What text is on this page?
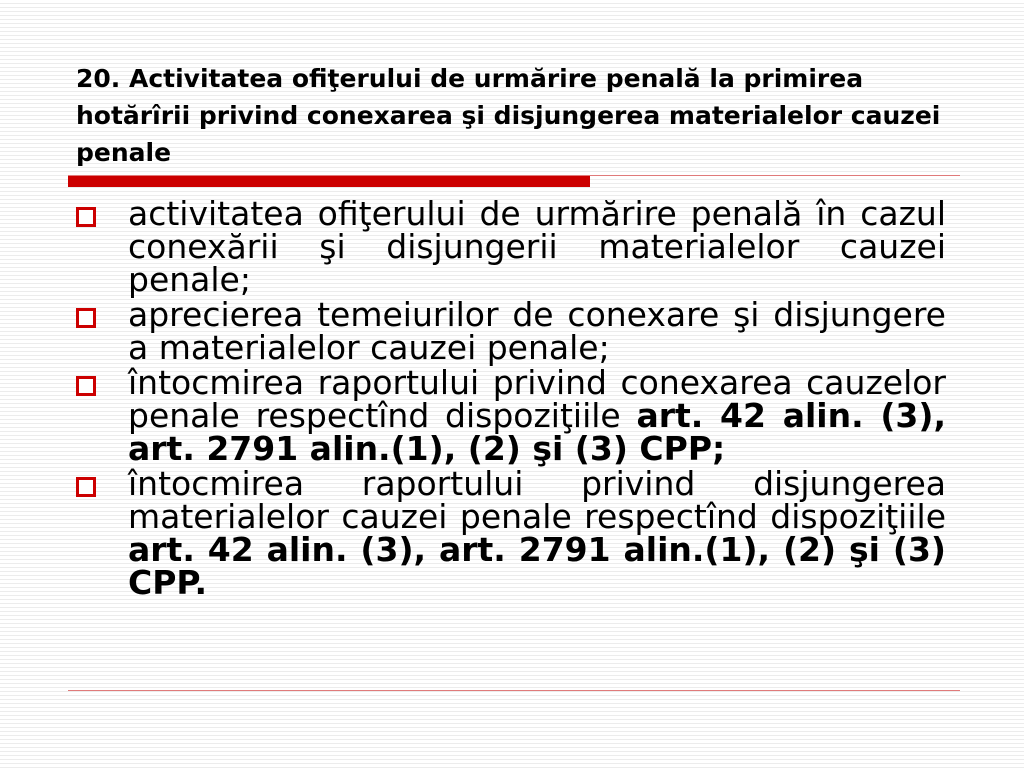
20. Activitatea ofiţerului de urmărire penală la primirea hotărîrii privind conexarea şi disjungerea materialelor cauzei penale
activitatea ofiţerului de urmărire penală în cazul conexării şi disjungerii materialelor cauzei penale;
aprecierea temeiurilor de conexare şi disjungere a materialelor cauzei penale;
întocmirea raportului privind conexarea cauzelor penale respectînd dispoziţiile art. 42 alin. (3), art. 2791 alin.(1), (2) şi (3) CPP;
întocmirea raportului privind disjungerea materialelor cauzei penale respectînd dispoziţiile art. 42 alin. (3), art. 2791 alin.(1), (2) şi (3) CPP.
